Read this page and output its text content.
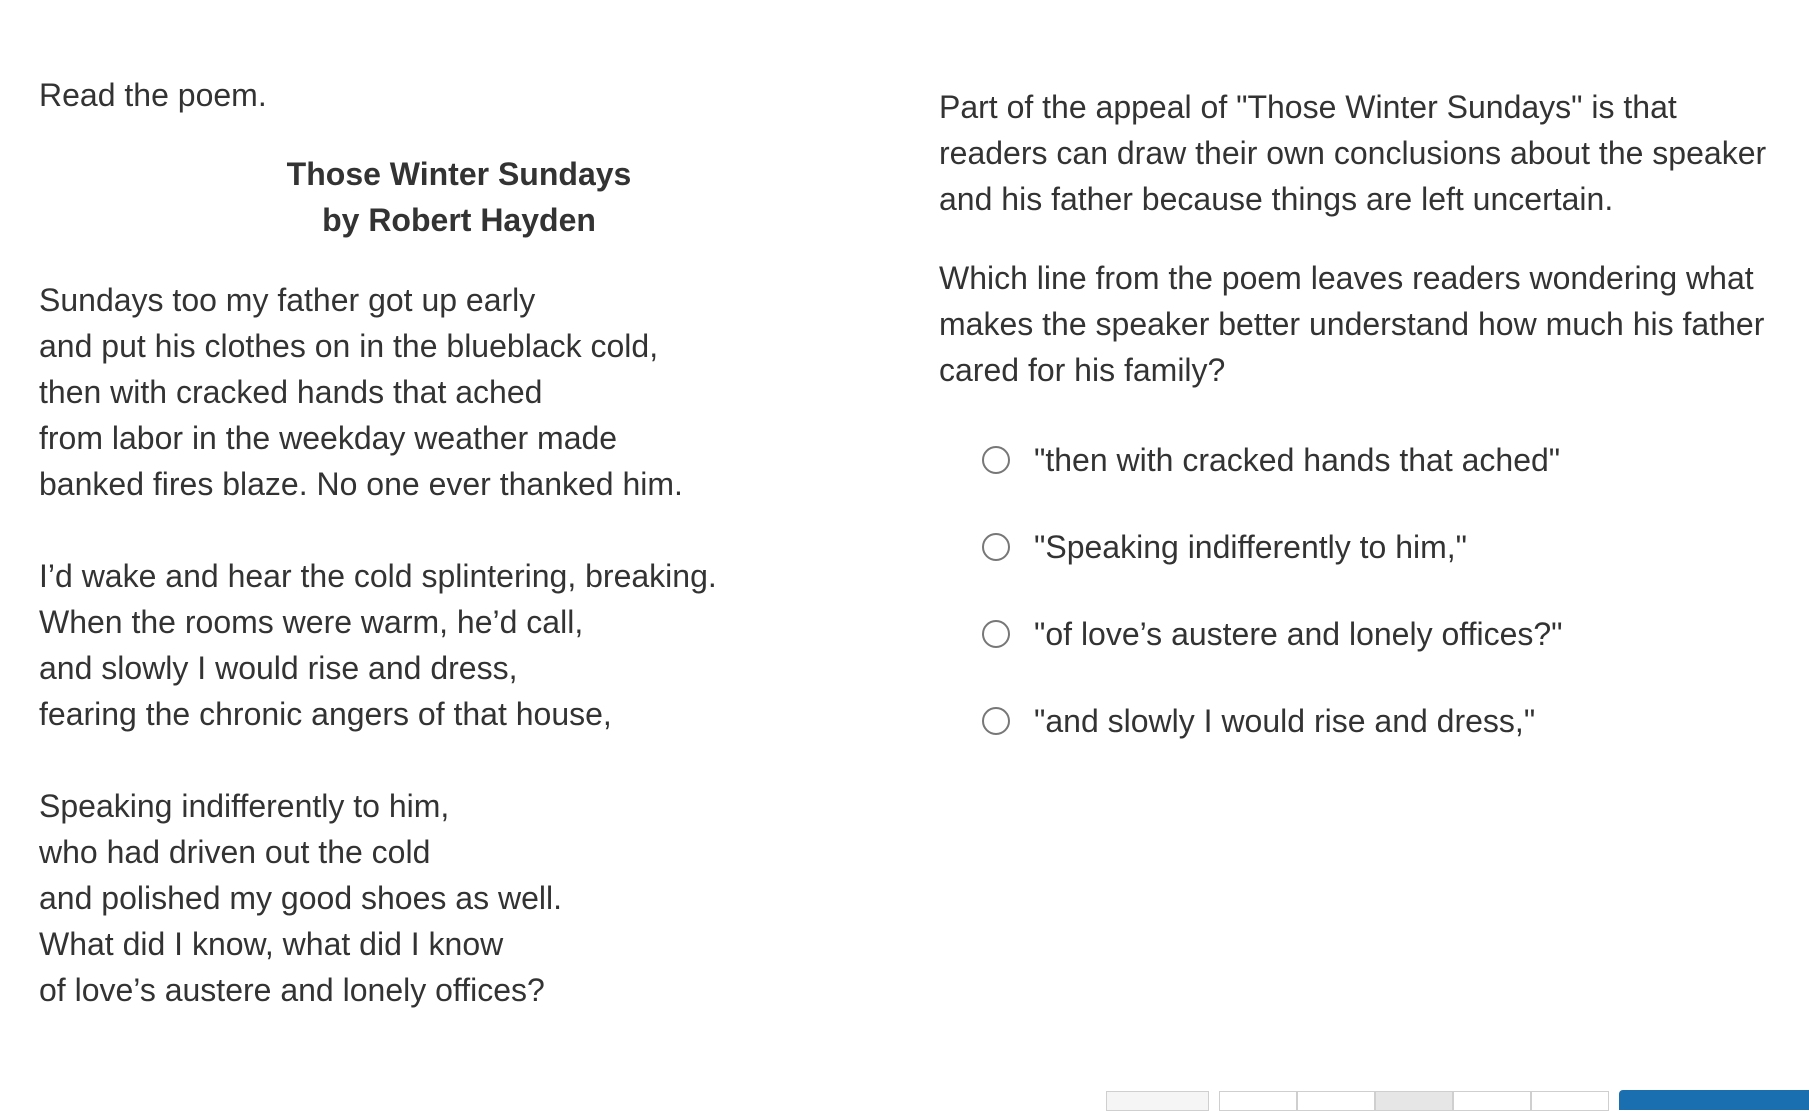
Read the poem.

Those Winter Sundays
by Robert Hayden
Sundays too my father got up early
and put his clothes on in the blueblack cold,
then with cracked hands that ached
from labor in the weekday weather made
banked fires blaze. No one ever thanked him.
I’d wake and hear the cold splintering, breaking.
When the rooms were warm, he’d call,
and slowly I would rise and dress,
fearing the chronic angers of that house,
Speaking indifferently to him,
who had driven out the cold
and polished my good shoes as well.
What did I know, what did I know
of love’s austere and lonely offices?

Part of the appeal of "Those Winter Sundays" is that readers can draw their own conclusions about the speaker and his father because things are left uncertain.

Which line from the poem leaves readers wondering what makes the speaker better understand how much his father cared for his family?

"then with cracked hands that ached"
"Speaking indifferently to him,"
"of love’s austere and lonely offices?"
"and slowly I would rise and dress,"
